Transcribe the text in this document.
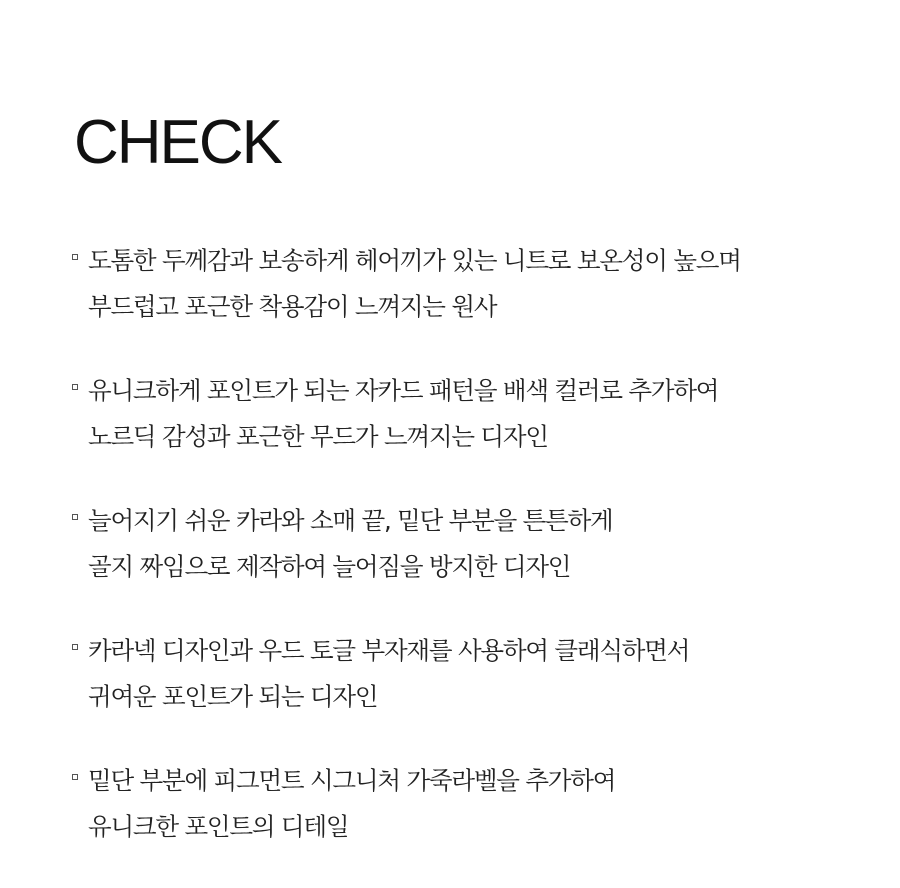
CHECK
도톰한 두께감과 보송하게 헤어끼가 있는 니트로 보온성이 높으며
부드럽고 포근한 착용감이 느껴지는 원사
유니크하게 포인트가 되는 자카드 패턴을 배색 컬러로 추가하여
노르딕 감성과 포근한 무드가 느껴지는 디자인
늘어지기 쉬운 카라와 소매 끝, 밑단 부분을 튼튼하게
골지 짜임으로 제작하여 늘어짐을 방지한 디자인
카라넥 디자인과 우드 토글 부자재를 사용하여 클래식하면서
귀여운 포인트가 되는 디자인
밑단 부분에 피그먼트 시그니처 가죽라벨을 추가하여
유니크한 포인트의 디테일
